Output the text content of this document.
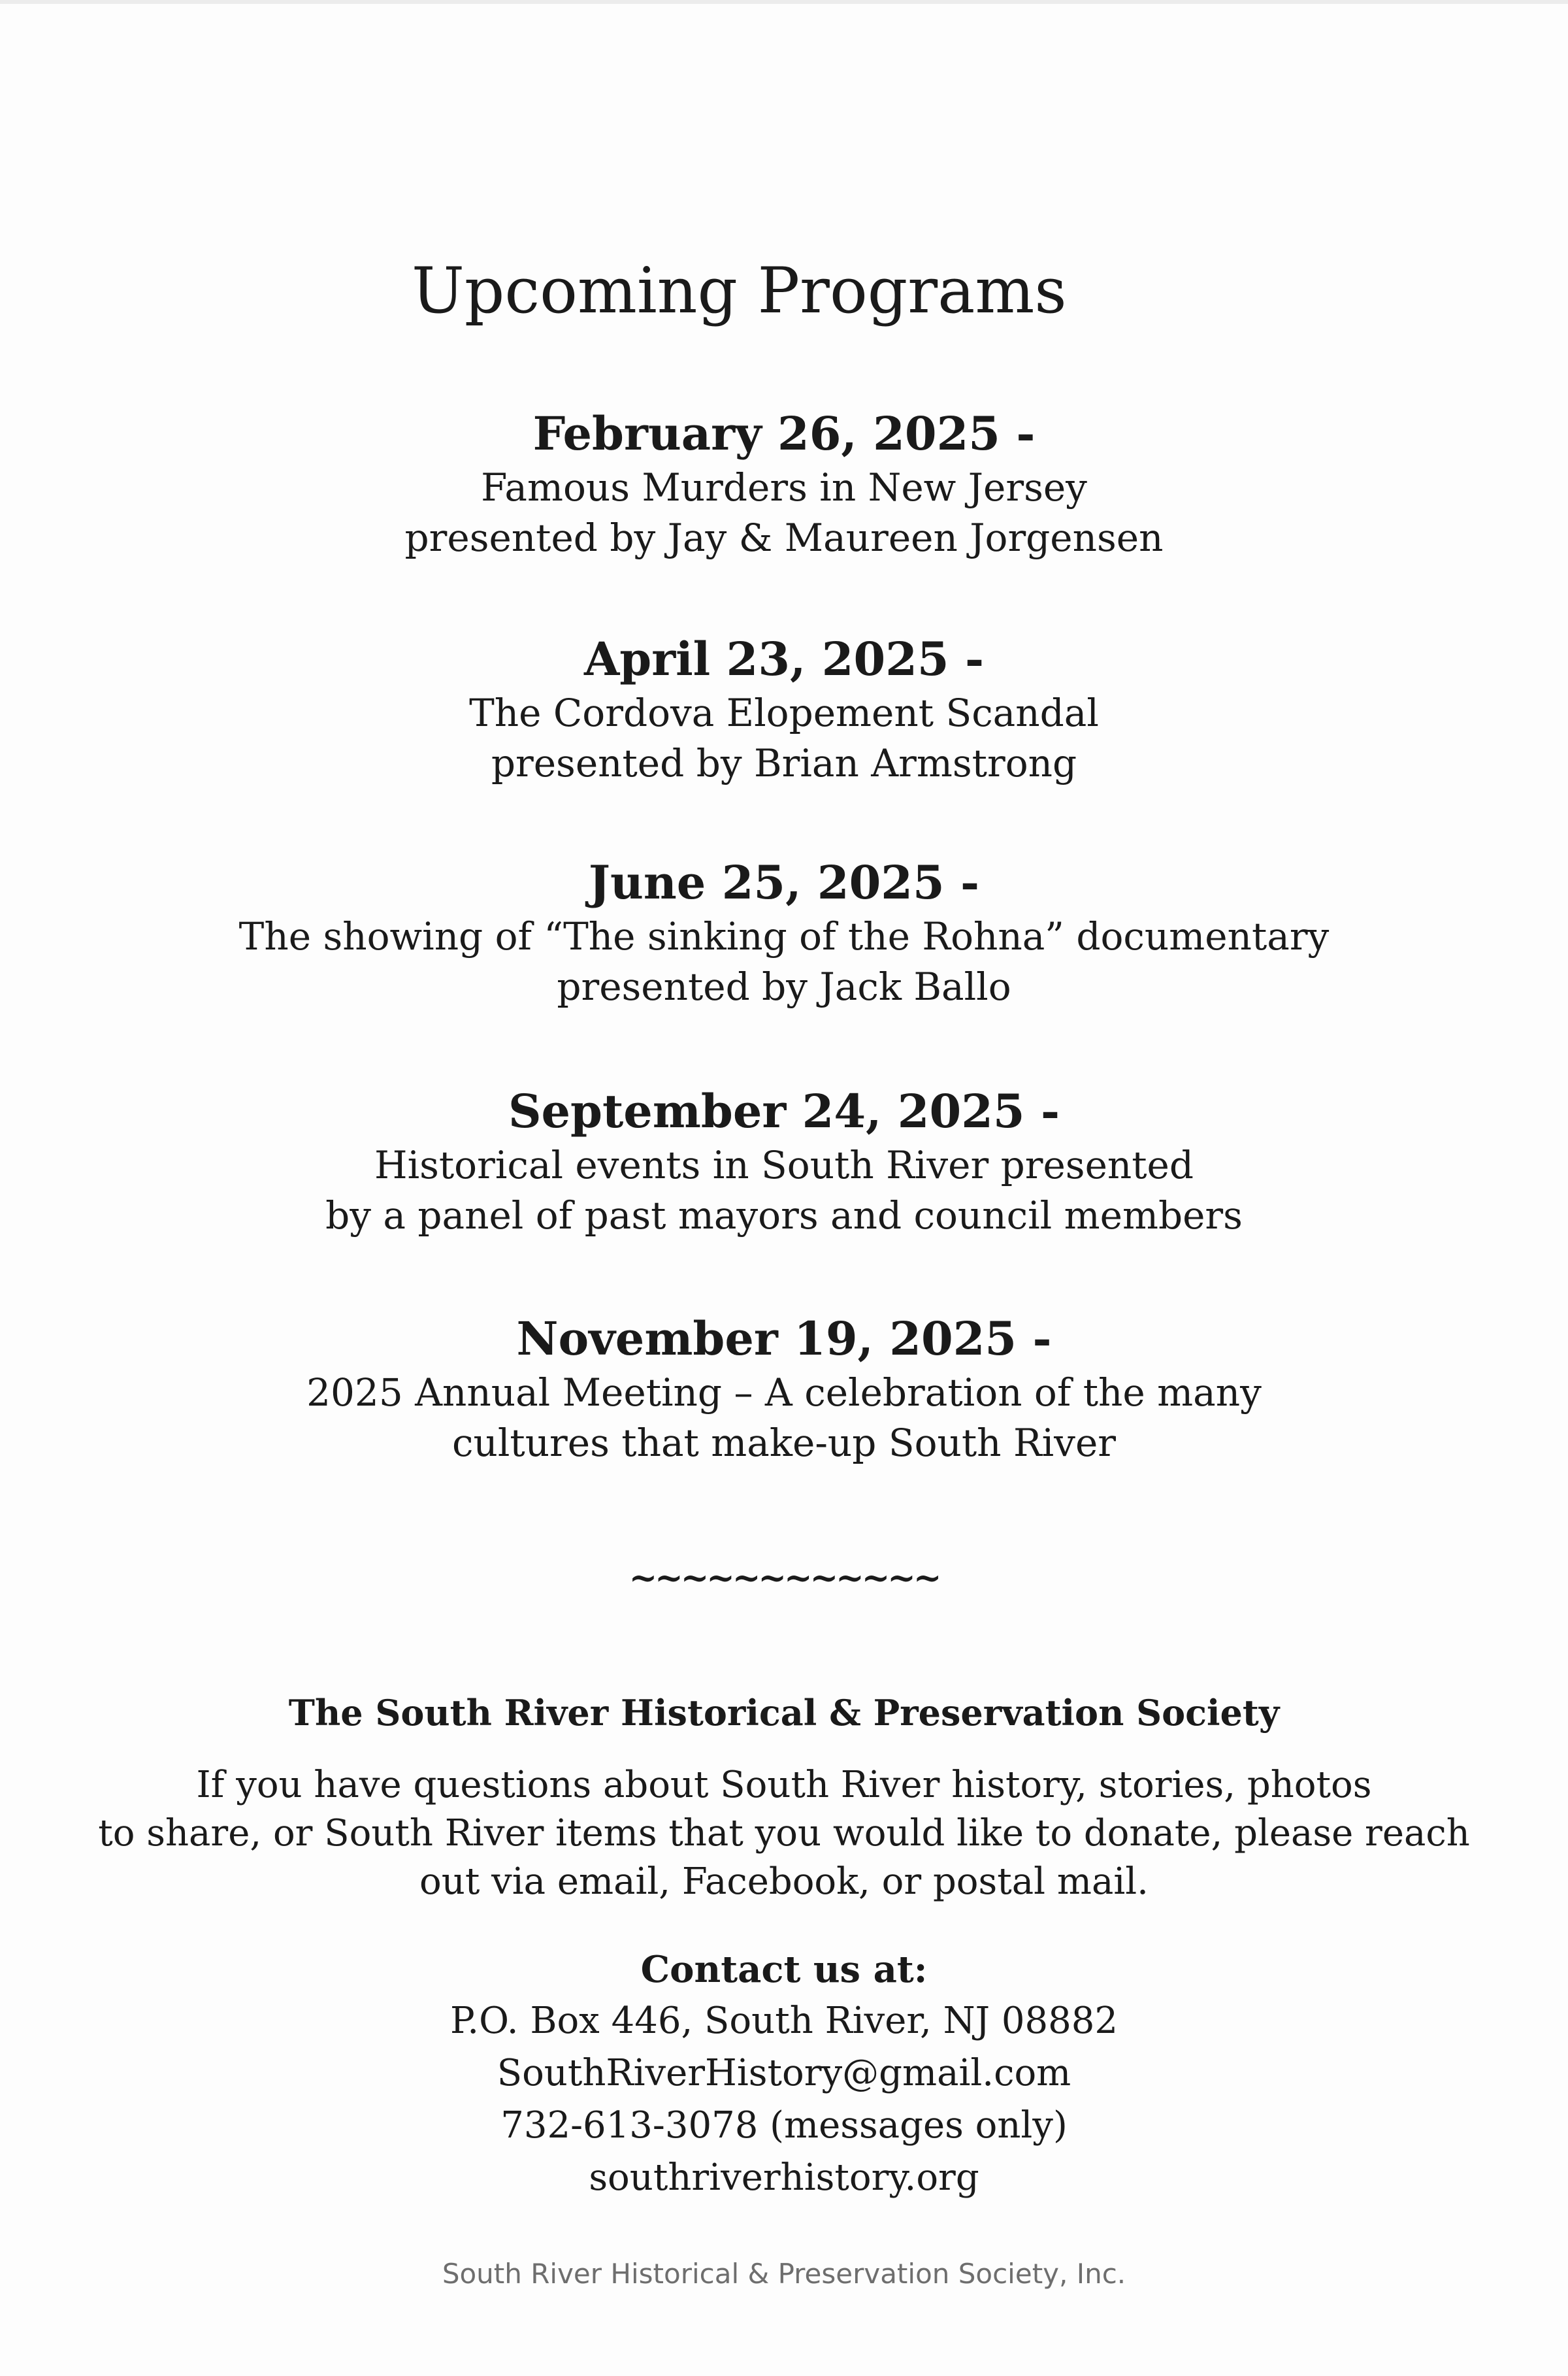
Upcoming Programs
February 26, 2025 -
Famous Murders in New Jersey
presented by Jay & Maureen Jorgensen
April 23, 2025 -
The Cordova Elopement Scandal
presented by Brian Armstrong
June 25, 2025 -
The showing of “The sinking of the Rohna” documentary
presented by Jack Ballo
September 24, 2025 -
Historical events in South River presented
by a panel of past mayors and council members
November 19, 2025 -
2025 Annual Meeting – A celebration of the many
cultures that make-up South River
~~~~~~~~~~~~
The South River Historical & Preservation Society
If you have questions about South River history, stories, photos
to share, or South River items that you would like to donate, please reach
out via email, Facebook, or postal mail.
Contact us at:
P.O. Box 446, South River, NJ 08882
SouthRiverHistory@gmail.com
732-613-3078 (messages only)
southriverhistory.org
South River Historical & Preservation Society, Inc.
